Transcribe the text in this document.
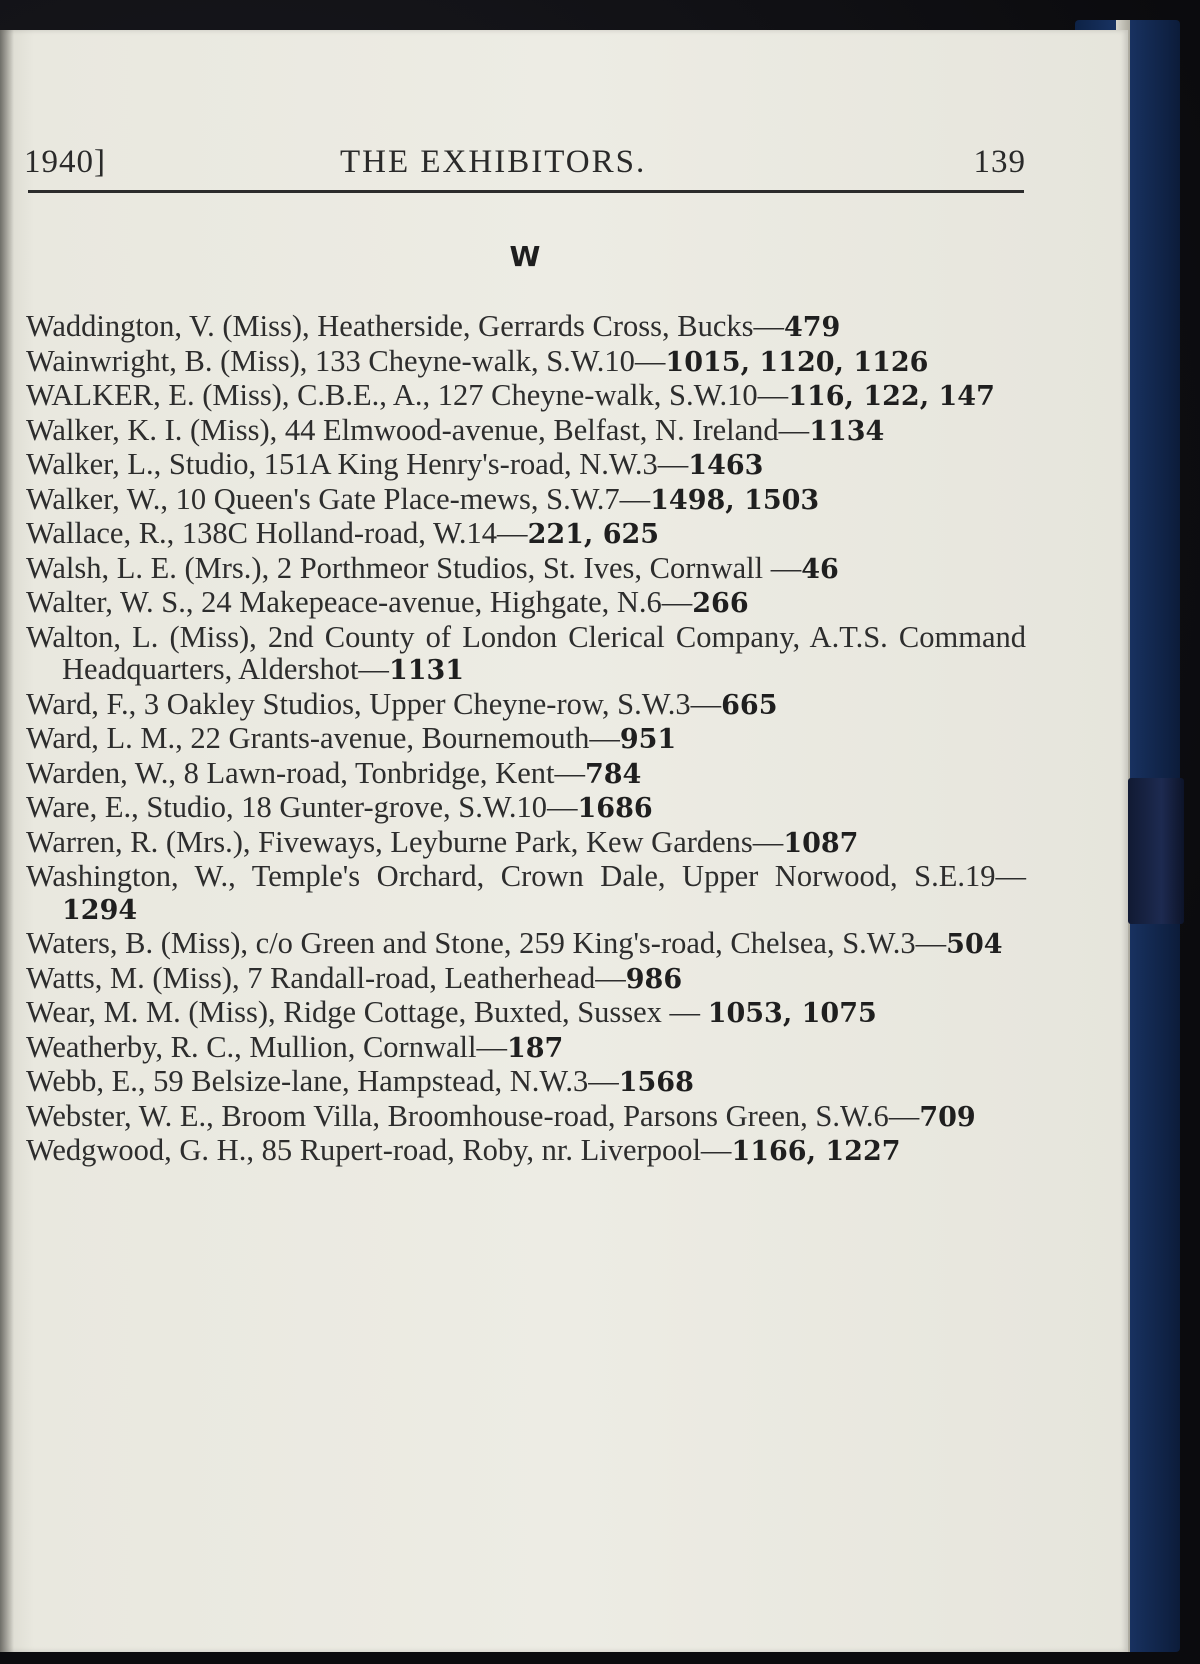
1940]	THE EXHIBITORS.	139
W

Waddington, V. (Miss), Heatherside, Gerrards Cross, Bucks—479

Wainwright, B. (Miss), 133 Cheyne-walk, S.W.10—1015, 1120, 1126

WALKER, E. (Miss), C.B.E., A., 127 Cheyne-walk, S.W.10—116, 122, 147

Walker, K. I. (Miss), 44 Elmwood-avenue, Belfast, N. Ireland—1134

Walker, L., Studio, 151A King Henry's-road, N.W.3—1463

Walker, W., 10 Queen's Gate Place-mews, S.W.7—1498, 1503

Wallace, R., 138C Holland-road, W.14—221, 625

Walsh, L. E. (Mrs.), 2 Porthmeor Studios, St. Ives, Cornwall —46

Walter, W. S., 24 Makepeace-avenue, Highgate, N.6—266

Walton, L. (Miss), 2nd County of London Clerical Company, A.T.S. Command Headquarters, Aldershot—1131

Ward, F., 3 Oakley Studios, Upper Cheyne-row, S.W.3—665

Ward, L. M., 22 Grants-avenue, Bournemouth—951

Warden, W., 8 Lawn-road, Tonbridge, Kent—784

Ware, E., Studio, 18 Gunter-grove, S.W.10—1686

Warren, R. (Mrs.), Fiveways, Leyburne Park, Kew Gardens—1087

Washington, W., Temple's Orchard, Crown Dale, Upper Norwood, S.E.19—1294

Waters, B. (Miss), c/o Green and Stone, 259 King's-road, Chelsea, S.W.3—504

Watts, M. (Miss), 7 Randall-road, Leatherhead—986

Wear, M. M. (Miss), Ridge Cottage, Buxted, Sussex — 1053, 1075

Weatherby, R. C., Mullion, Cornwall—187

Webb, E., 59 Belsize-lane, Hampstead, N.W.3—1568

Webster, W. E., Broom Villa, Broomhouse-road, Parsons Green, S.W.6—709

Wedgwood, G. H., 85 Rupert-road, Roby, nr. Liverpool—1166, 1227
